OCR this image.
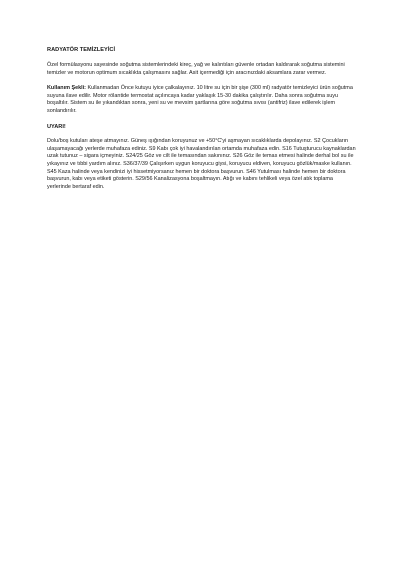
RADYATÖR TEMİZLEYİCİ
Özel formülasyonu sayesinde soğutma sistemlerindeki kireç, yağ ve kalıntıları güvenle ortadan kaldırarak soğutma sistemini temizler ve motorun optimum sıcaklıkta çalışmasını sağlar. Asit içermediği için aracınızdaki aksamlara zarar vermez.
Kullanım Şekli: Kullanmadan Önce kutuyu iyice çalkalayınız. 10 litre su için bir şişe (300 ml) radyatör temizleyici ürün soğutma suyuna ilave edilir. Motor rölantide termostat açılıncaya kadar yaklaşık 15-30 dakika çalıştırılır. Daha sonra soğutma suyu boşaltılır. Sistem su ile yıkandıktan sonra, yeni su ve mevsim şartlarına göre soğutma sıvısı (antifriz) ilave edilerek işlem sonlandırılır.
UYARI!
Dolu/boş kutuları ateşe atmayınız. Güneş ışığından koruyunuz ve +50°C'yi aşmayan sıcaklıklarda depolayınız. S2 Çocukların ulaşamayacağı yerlerde muhafaza ediniz. S9 Kabı çok iyi havalandırılan ortamda muhafaza edin. S16 Tutuşturucu kaynaklardan uzak tutunuz – sigara içmeyiniz. S24/25 Göz ve cilt ile temasından sakınınız. S26 Göz ile temas etmesi halinde derhal bol su ile yıkayınız ve tıbbi yardım alınız. S36/37/39 Çalışırken uygun koruyucu giysi, koruyucu eldiven, koruyucu gözlük/maske kullanın. S45 Kaza halinde veya kendinizi iyi hissetmiyorsanız hemen bir doktora başvurun. S46 Yutulması halinde hemen bir doktora başvurun, kabı veya etiketi gösterin. S29/56 Kanalizasyona boşaltmayın. Atığı ve kabını tehlikeli veya özel atık toplama yerlerinde bertaraf edin.
